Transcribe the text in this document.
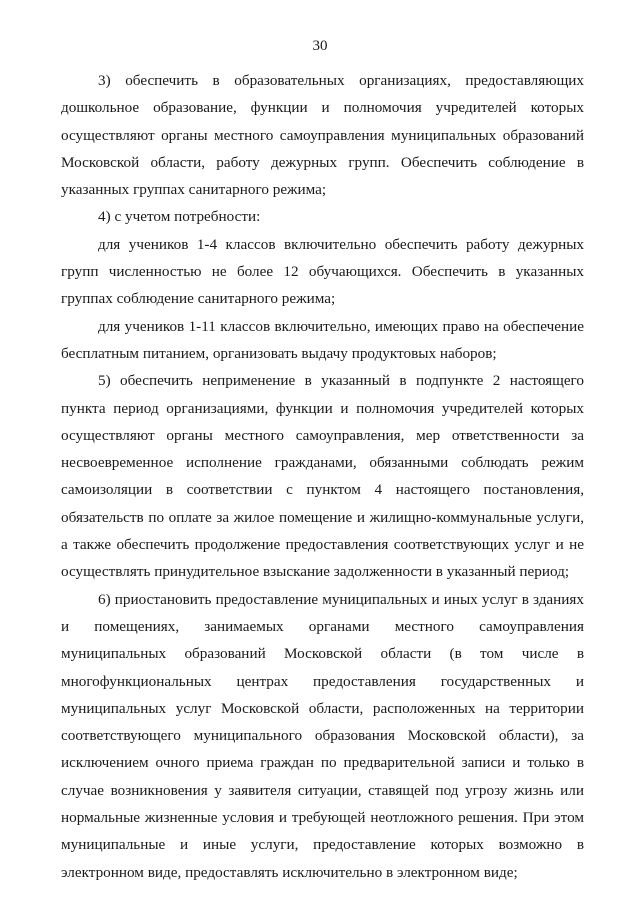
30

3) обеспечить в образовательных организациях, предоставляющих дошкольное образование, функции и полномочия учредителей которых осуществляют органы местного самоуправления муниципальных образований Московской области, работу дежурных групп. Обеспечить соблюдение в указанных группах санитарного режима;

4) с учетом потребности:

для учеников 1-4 классов включительно обеспечить работу дежурных групп численностью не более 12 обучающихся. Обеспечить в указанных группах соблюдение санитарного режима;

для учеников 1-11 классов включительно, имеющих право на обеспечение бесплатным питанием, организовать выдачу продуктовых наборов;

5) обеспечить неприменение в указанный в подпункте 2 настоящего пункта период организациями, функции и полномочия учредителей которых осуществляют органы местного самоуправления, мер ответственности за несвоевременное исполнение гражданами, обязанными соблюдать режим самоизоляции в соответствии с пунктом 4 настоящего постановления, обязательств по оплате за жилое помещение и жилищно-коммунальные услуги, а также обеспечить продолжение предоставления соответствующих услуг и не осуществлять принудительное взыскание задолженности в указанный период;

6) приостановить предоставление муниципальных и иных услуг в зданиях и помещениях, занимаемых органами местного самоуправления муниципальных образований Московской области (в том числе в многофункциональных центрах предоставления государственных и муниципальных услуг Московской области, расположенных на территории соответствующего муниципального образования Московской области), за исключением очного приема граждан по предварительной записи и только в случае возникновения у заявителя ситуации, ставящей под угрозу жизнь или нормальные жизненные условия и требующей неотложного решения. При этом муниципальные и иные услуги, предоставление которых возможно в электронном виде, предоставлять исключительно в электронном виде;
